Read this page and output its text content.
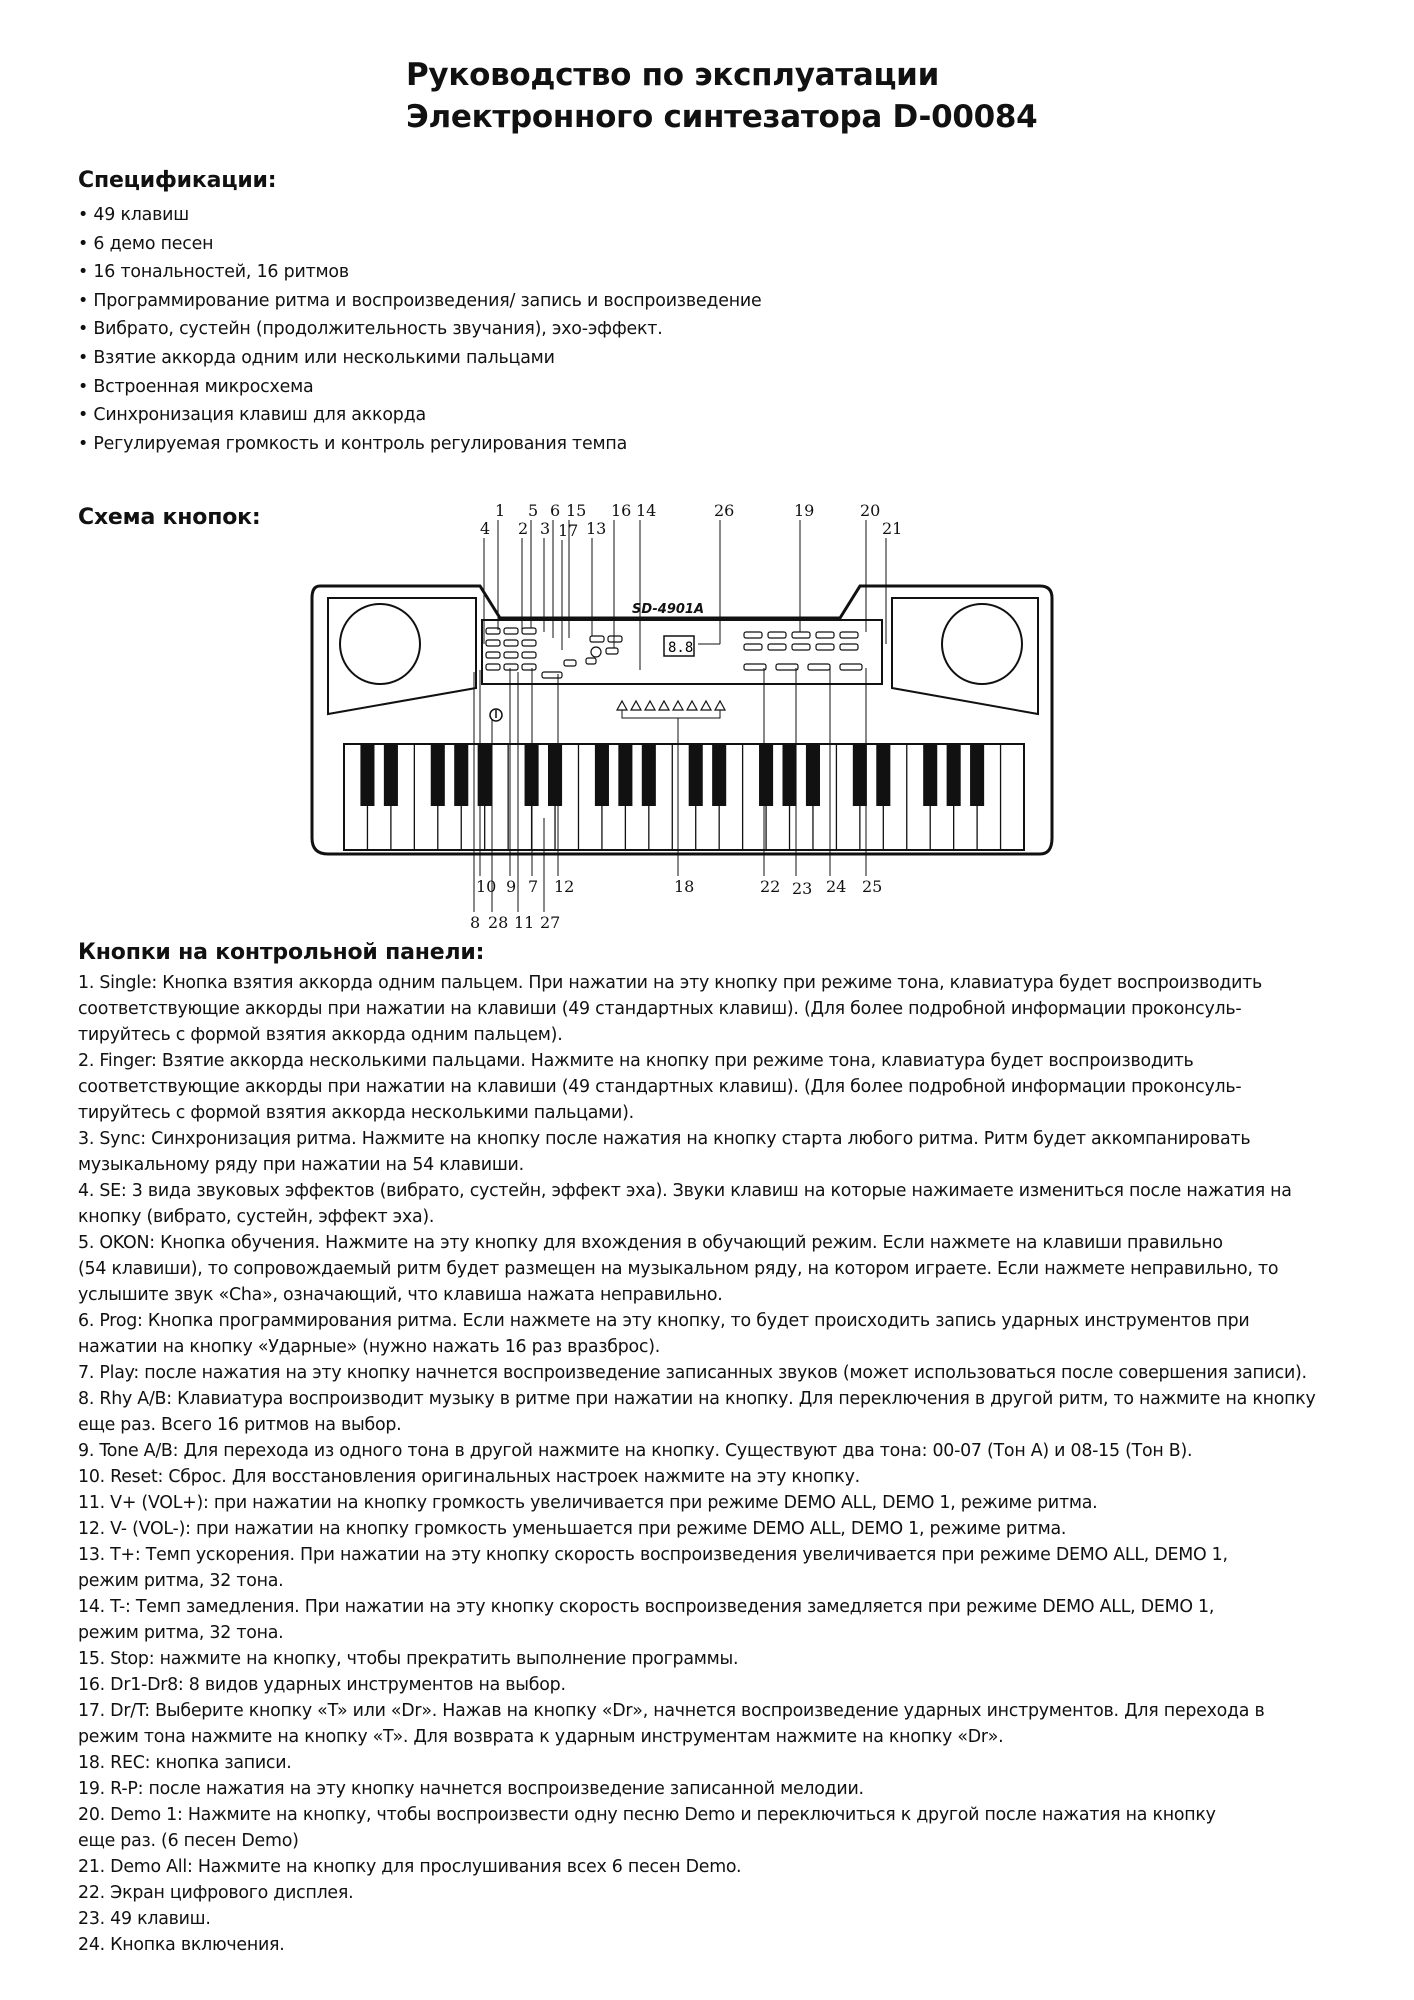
Руководство по эксплуатации
Электронного синтезатора D-00084
Спецификации:
• 49 клавиш
• 6 демо песен
• 16 тональностей, 16 ритмов
• Программирование ритма и воспроизведения/ запись и воспроизведение
• Вибрато, сустейн (продолжительность звучания), эхо-эффект.
• Взятие аккорда одним или несколькими пальцами
• Встроенная микросхема
• Синхронизация клавиш для аккорда
• Регулируемая громкость и контроль регулирования темпа
Схема кнопок:
SD-4901A
8.8
1 5 6 15 16 14	26	19	20
4 2 3 17 13	21
10 9 7 12	18	22 23 24 25
8 28 11 27
Кнопки на контрольной панели:
1. Single: Кнопка взятия аккорда одним пальцем. При нажатии на эту кнопку при режиме тона, клавиатура будет воспроизводить
соответствующие аккорды при нажатии на клавиши (49 стандартных клавиш). (Для более подробной информации проконсуль-
тируйтесь с формой взятия аккорда одним пальцем).
2. Finger: Взятие аккорда несколькими пальцами. Нажмите на кнопку при режиме тона, клавиатура будет воспроизводить
соответствующие аккорды при нажатии на клавиши (49 стандартных клавиш). (Для более подробной информации проконсуль-
тируйтесь с формой взятия аккорда несколькими пальцами).
3. Sync: Синхронизация ритма. Нажмите на кнопку после нажатия на кнопку старта любого ритма. Ритм будет аккомпанировать
музыкальному ряду при нажатии на 54 клавиши.
4. SE: 3 вида звуковых эффектов (вибрато, сустейн, эффект эха). Звуки клавиш на которые нажимаете измениться после нажатия на
кнопку (вибрато, сустейн, эффект эха).
5. OKON: Кнопка обучения. Нажмите на эту кнопку для вхождения в обучающий режим. Если нажмете на клавиши правильно
(54 клавиши), то сопровождаемый ритм будет размещен на музыкальном ряду, на котором играете. Если нажмете неправильно, то
услышите звук «Cha», означающий, что клавиша нажата неправильно.
6. Prog: Кнопка программирования ритма. Если нажмете на эту кнопку, то будет происходить запись ударных инструментов при
нажатии на кнопку «Ударные» (нужно нажать 16 раз вразброс).
7. Play: после нажатия на эту кнопку начнется воспроизведение записанных звуков (может использоваться после совершения записи).
8. Rhy A/B: Клавиатура воспроизводит музыку в ритме при нажатии на кнопку. Для переключения в другой ритм, то нажмите на кнопку
еще раз. Всего 16 ритмов на выбор.
9. Tone A/B: Для перехода из одного тона в другой нажмите на кнопку. Существуют два тона: 00-07 (Тон А) и 08-15 (Тон В).
10. Reset: Сброс. Для восстановления оригинальных настроек нажмите на эту кнопку.
11. V+ (VOL+): при нажатии на кнопку громкость увеличивается при режиме DEMO ALL, DEMO 1, режиме ритма.
12. V- (VOL-): при нажатии на кнопку громкость уменьшается при режиме DEMO ALL, DEMO 1, режиме ритма.
13. T+: Темп ускорения. При нажатии на эту кнопку скорость воспроизведения увеличивается при режиме DEMO ALL, DEMO 1,
режим ритма, 32 тона.
14. T-: Темп замедления. При нажатии на эту кнопку скорость воспроизведения замедляется при режиме DEMO ALL, DEMO 1,
режим ритма, 32 тона.
15. Stop: нажмите на кнопку, чтобы прекратить выполнение программы.
16. Dr1-Dr8: 8 видов ударных инструментов на выбор.
17. Dr/T: Выберите кнопку «T» или «Dr». Нажав на кнопку «Dr», начнется воспроизведение ударных инструментов. Для перехода в
режим тона нажмите на кнопку «T». Для возврата к ударным инструментам нажмите на кнопку «Dr».
18. REC: кнопка записи.
19. R-P: после нажатия на эту кнопку начнется воспроизведение записанной мелодии.
20. Demo 1: Нажмите на кнопку, чтобы воспроизвести одну песню Demo и переключиться к другой после нажатия на кнопку
еще раз. (6 песен Demo)
21. Demo All: Нажмите на кнопку для прослушивания всех 6 песен Demo.
22. Экран цифрового дисплея.
23. 49 клавиш.
24. Кнопка включения.
